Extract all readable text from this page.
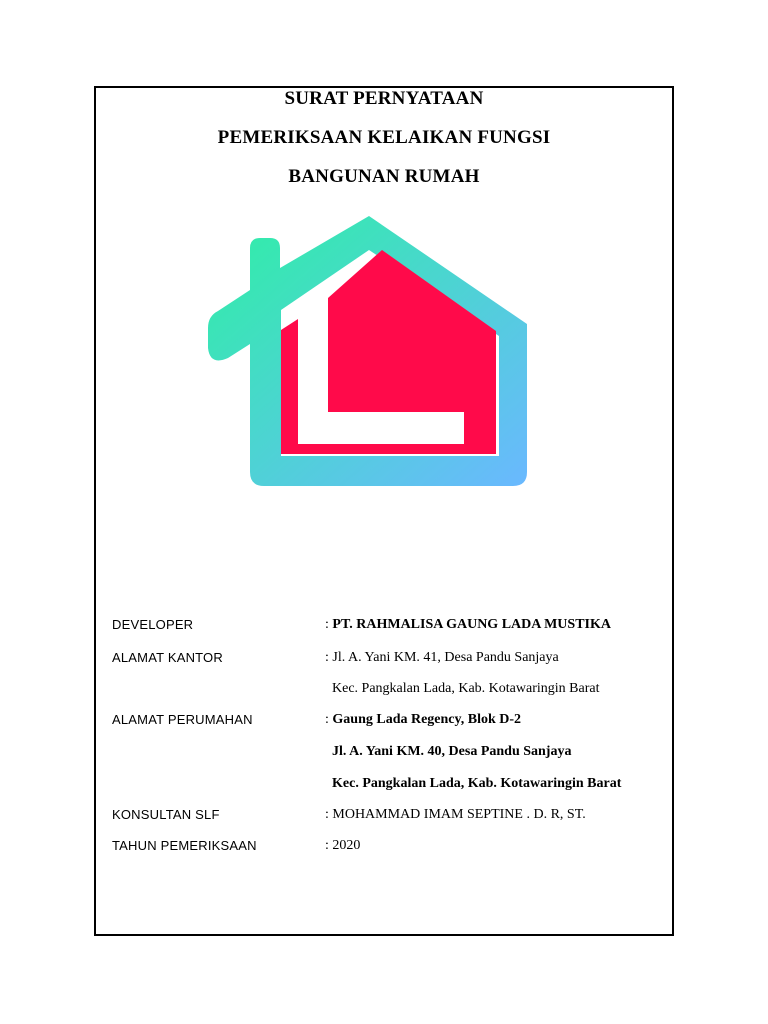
SURAT PERNYATAAN
PEMERIKSAAN KELAIKAN FUNGSI
BANGUNAN RUMAH
DEVELOPER	: PT. RAHMALISA GAUNG LADA MUSTIKA
ALAMAT KANTOR	: Jl. A. Yani KM. 41, Desa Pandu Sanjaya
Kec. Pangkalan Lada, Kab. Kotawaringin Barat
ALAMAT PERUMAHAN	: Gaung Lada Regency, Blok D-2
Jl. A. Yani KM. 40, Desa Pandu Sanjaya
Kec. Pangkalan Lada, Kab. Kotawaringin Barat
KONSULTAN SLF	: MOHAMMAD IMAM SEPTINE . D. R, ST.
TAHUN PEMERIKSAAN	: 2020
